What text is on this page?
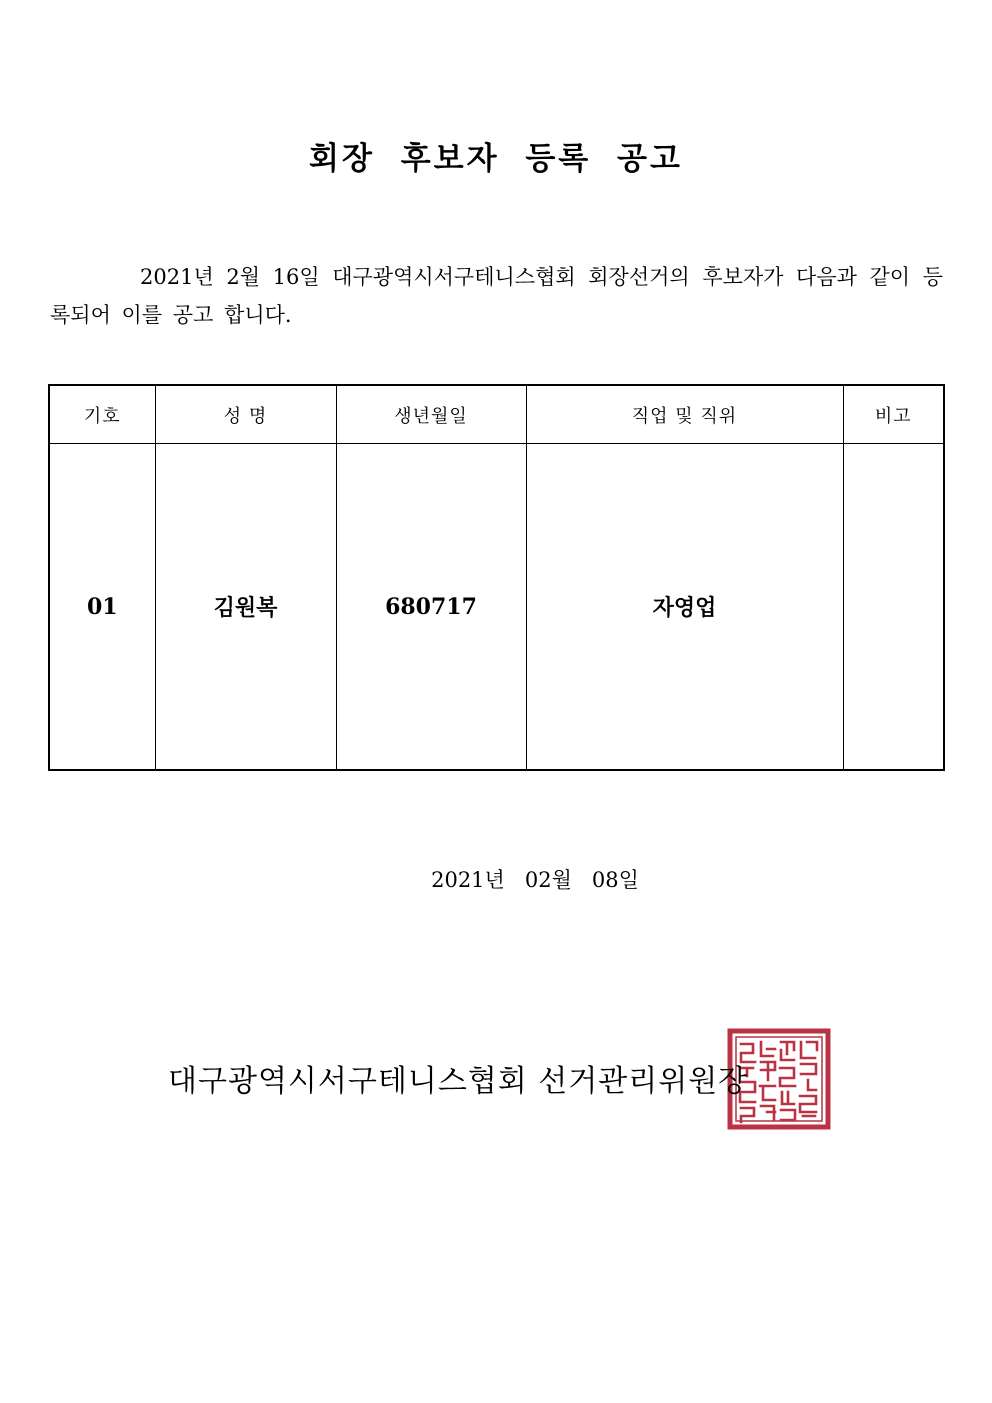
회장 후보자 등록 공고
2021년 2월 16일 대구광역시서구테니스협회 회장선거의 후보자가 다음과 같이 등록되어 이를 공고 합니다.
기호	성 명	생년월일	직업 및 직위	비고
01	김원복	680717	자영업	
2021년   02월   08일
대구광역시서구테니스협회 선거관리위원장
